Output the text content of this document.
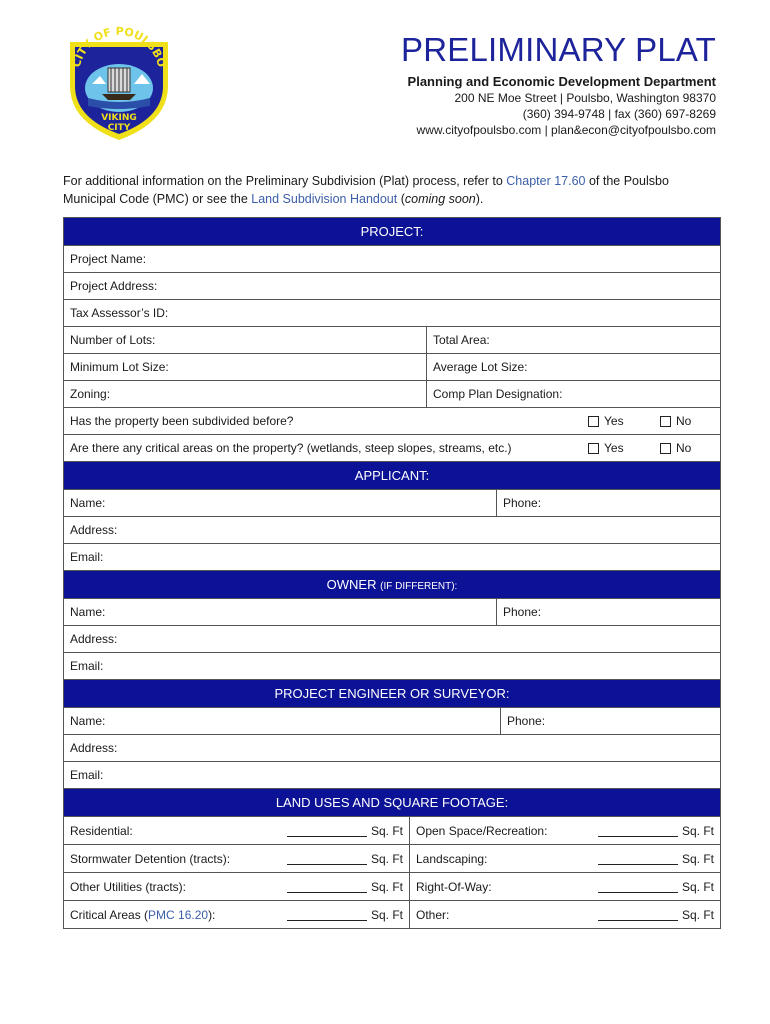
CITY OF POULSBO
VIKING
CITY
PRELIMINARY PLAT
Planning and Economic Development Department
200 NE Moe Street | Poulsbo, Washington 98370
(360) 394-9748 | fax (360) 697-8269
www.cityofpoulsbo.com | plan&econ@cityofpoulsbo.com
For additional information on the Preliminary Subdivision (Plat) process, refer to Chapter 17.60 of the Poulsbo Municipal Code (PMC) or see the Land Subdivision Handout (coming soon).
PROJECT:
Project Name:
Project Address:
Tax Assessor’s ID:
Number of Lots:	Total Area:
Minimum Lot Size:	Average Lot Size:
Zoning:	Comp Plan Designation:
Has the property been subdivided before?	Yes	No
Are there any critical areas on the property? (wetlands, steep slopes, streams, etc.)	Yes	No
APPLICANT:
Name:	Phone:
Address:
Email:
OWNER (IF DIFFERENT):
Name:	Phone:
Address:
Email:
PROJECT ENGINEER OR SURVEYOR:
Name:	Phone:
Address:
Email:
LAND USES AND SQUARE FOOTAGE:
Residential:	Sq. Ft Open Space/Recreation:	Sq. Ft
Stormwater Detention (tracts):	Sq. Ft Landscaping:	Sq. Ft
Other Utilities (tracts):	Sq. Ft Right-Of-Way:	Sq. Ft
Critical Areas (PMC 16.20):	Sq. Ft Other:	Sq. Ft
